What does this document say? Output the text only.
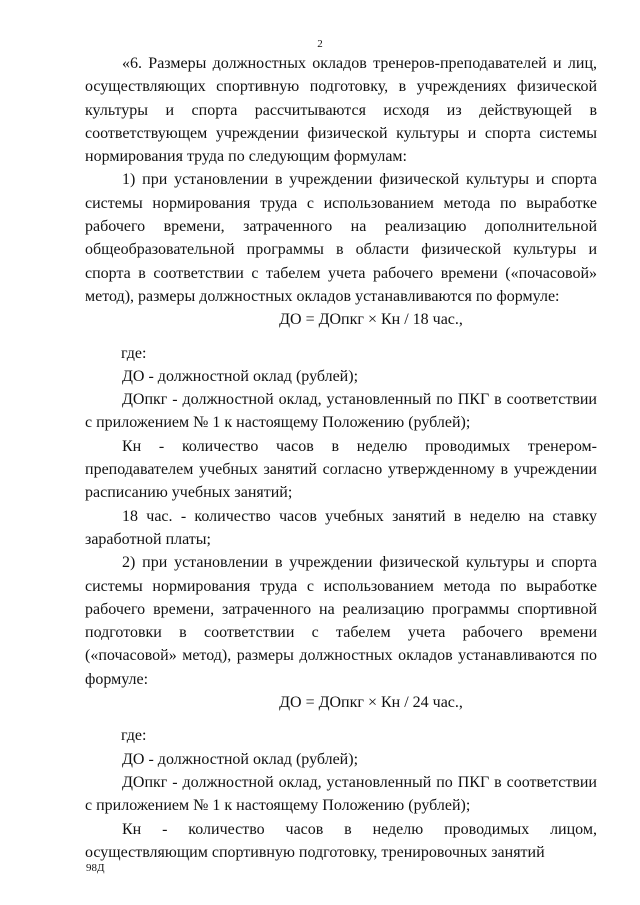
2

«6. Размеры должностных окладов тренеров-преподавателей и лиц, осуществляющих спортивную подготовку, в учреждениях физической культуры и спорта рассчитываются исходя из действующей в соответствующем учреждении физической культуры и спорта системы нормирования труда по следующим формулам:

1) при установлении в учреждении физической культуры и спорта системы нормирования труда с использованием метода по выработке рабочего времени, затраченного на реализацию дополнительной общеобразовательной программы в области физической культуры и спорта в соответствии с табелем учета рабочего времени («почасовой» метод), размеры должностных окладов устанавливаются по формуле:

ДО = ДОпкг × Кн / 18 час.,

где:

ДО - должностной оклад (рублей);

ДОпкг - должностной оклад, установленный по ПКГ в соответствии с приложением № 1 к настоящему Положению (рублей);

Кн - количество часов в неделю проводимых тренером-преподавателем учебных занятий согласно утвержденному в учреждении расписанию учебных занятий;

18 час. - количество часов учебных занятий в неделю на ставку заработной платы;

2) при установлении в учреждении физической культуры и спорта системы нормирования труда с использованием метода по выработке рабочего времени, затраченного на реализацию программы спортивной подготовки в соответствии с табелем учета рабочего времени («почасовой» метод), размеры должностных окладов устанавливаются по формуле:

ДО = ДОпкг × Кн / 24 час.,

где:

ДО - должностной оклад (рублей);

ДОпкг - должностной оклад, установленный по ПКГ в соответствии с приложением № 1 к настоящему Положению (рублей);

Кн - количество часов в неделю проводимых лицом, осуществляющим спортивную подготовку, тренировочных занятий

98Д
